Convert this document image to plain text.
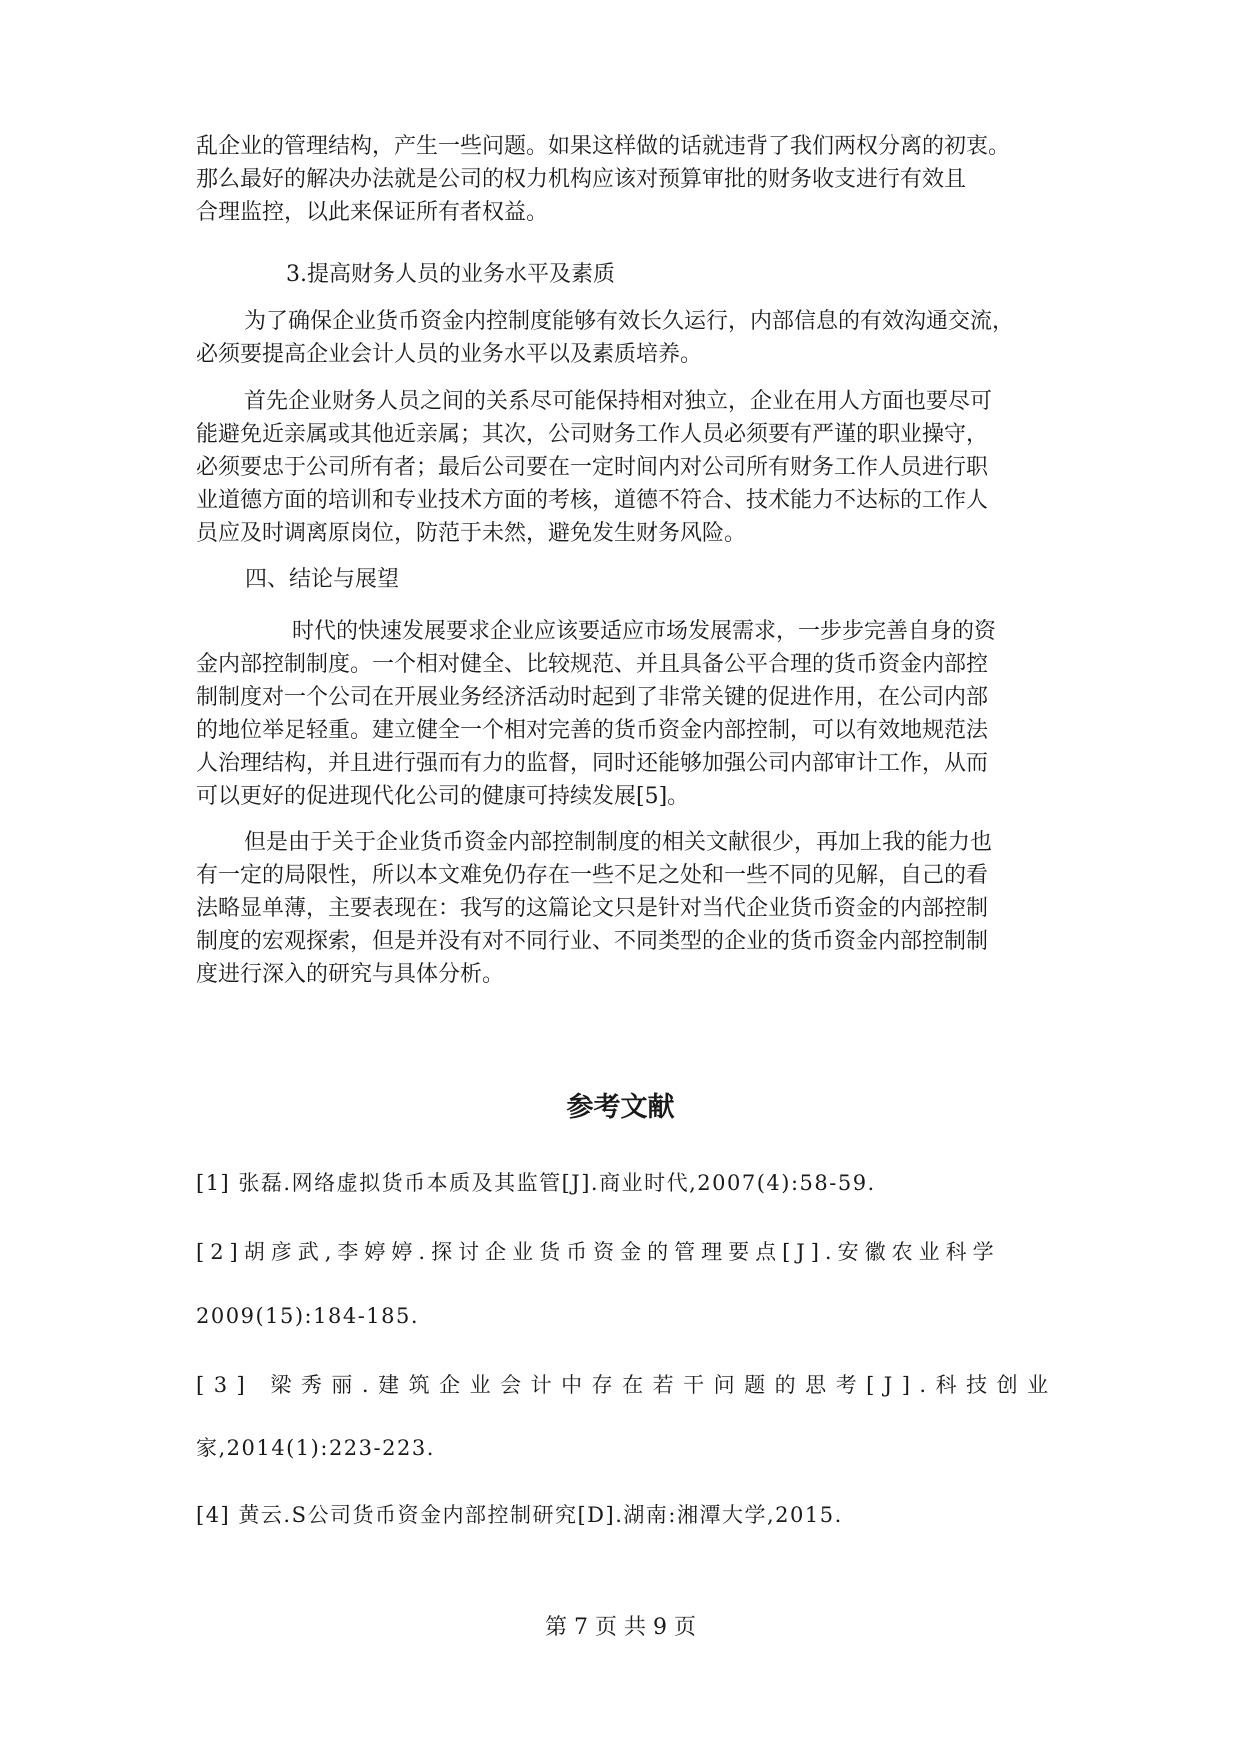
乱企业的管理结构，产生一些问题。如果这样做的话就违背了我们两权分离的初衷。
那么最好的解决办法就是公司的权力机构应该对预算审批的财务收支进行有效且
合理监控，以此来保证所有者权益。
3.提高财务人员的业务水平及素质
为了确保企业货币资金内控制度能够有效长久运行，内部信息的有效沟通交流，
必须要提高企业会计人员的业务水平以及素质培养。
首先企业财务人员之间的关系尽可能保持相对独立，企业在用人方面也要尽可
能避免近亲属或其他近亲属；其次，公司财务工作人员必须要有严谨的职业操守，
必须要忠于公司所有者；最后公司要在一定时间内对公司所有财务工作人员进行职
业道德方面的培训和专业技术方面的考核，道德不符合、技术能力不达标的工作人
员应及时调离原岗位，防范于未然，避免发生财务风险。
四、结论与展望
时代的快速发展要求企业应该要适应市场发展需求，一步步完善自身的资
金内部控制制度。一个相对健全、比较规范、并且具备公平合理的货币资金内部控
制制度对一个公司在开展业务经济活动时起到了非常关键的促进作用，在公司内部
的地位举足轻重。建立健全一个相对完善的货币资金内部控制，可以有效地规范法
人治理结构，并且进行强而有力的监督，同时还能够加强公司内部审计工作，从而
可以更好的促进现代化公司的健康可持续发展[5]。
但是由于关于企业货币资金内部控制制度的相关文献很少，再加上我的能力也
有一定的局限性，所以本文难免仍存在一些不足之处和一些不同的见解，自己的看
法略显单薄，主要表现在：我写的这篇论文只是针对当代企业货币资金的内部控制
制度的宏观探索，但是并没有对不同行业、不同类型的企业的货币资金内部控制制
度进行深入的研究与具体分析。
参考文献
[1] 张磊.网络虚拟货币本质及其监管[J].商业时代,2007(4):58-59.
[2]胡彦武,李婷婷.探讨企业货币资金的管理要点[J].安徽农业科学
2009(15):184-185.
[3] 梁秀丽.建筑企业会计中存在若干问题的思考[J].科技创业
家,2014(1):223-223.
[4] 黄云.S公司货币资金内部控制研究[D].湖南:湘潭大学,2015.
第 7 页 共 9 页
